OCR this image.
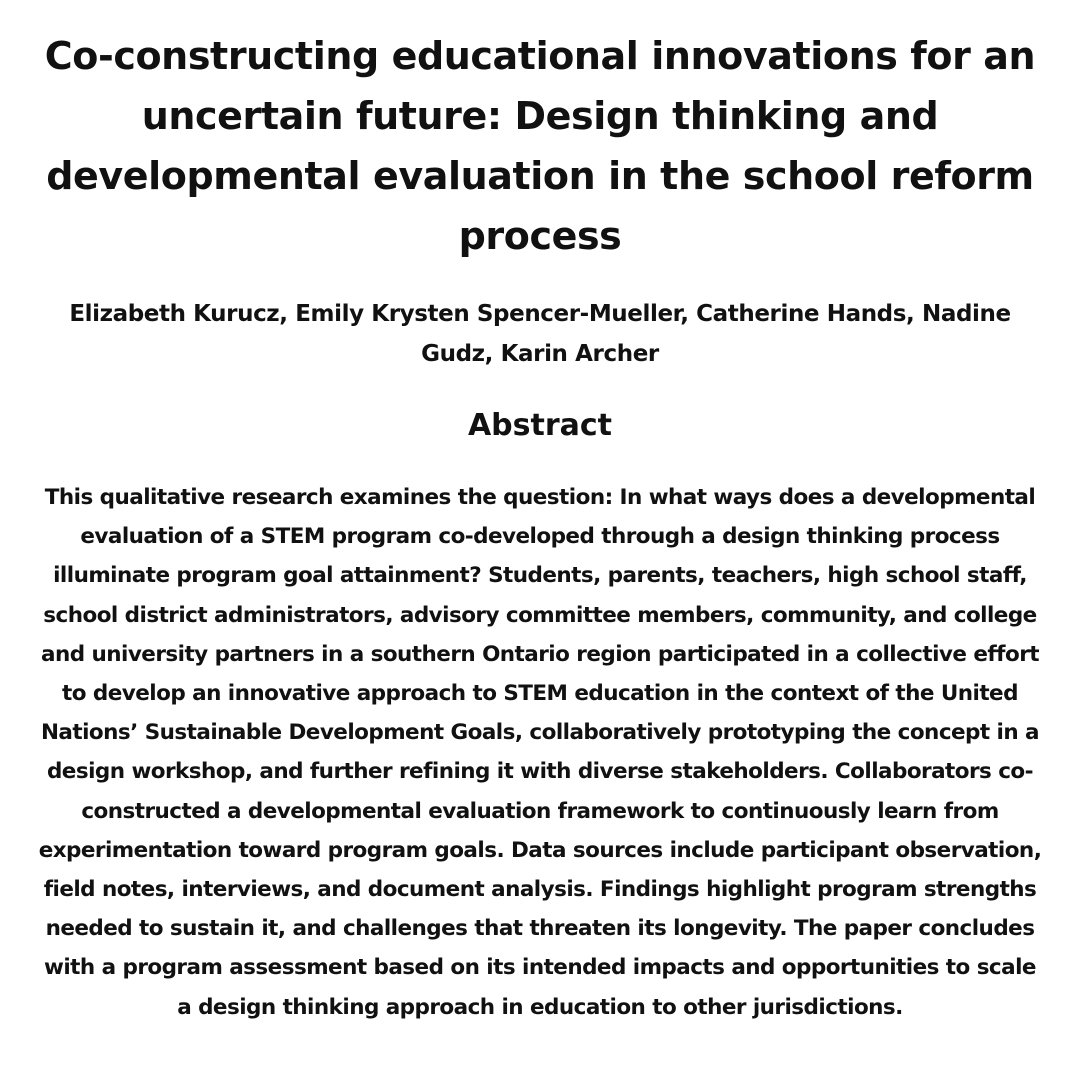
Co-constructing educational innovations for an uncertain future: Design thinking and developmental evaluation in the school reform process
Elizabeth Kurucz, Emily Krysten Spencer-Mueller, Catherine Hands, Nadine Gudz, Karin Archer
Abstract

This qualitative research examines the question: In what ways does a developmental evaluation of a STEM program co-developed through a design thinking process illuminate program goal attainment? Students, parents, teachers, high school staff, school district administrators, advisory committee members, community, and college and university partners in a southern Ontario region participated in a collective effort to develop an innovative approach to STEM education in the context of the United Nations’ Sustainable Development Goals, collaboratively prototyping the concept in a design workshop, and further refining it with diverse stakeholders. Collaborators co-constructed a developmental evaluation framework to continuously learn from experimentation toward program goals. Data sources include participant observation, field notes, interviews, and document analysis. Findings highlight program strengths needed to sustain it, and challenges that threaten its longevity. The paper concludes with a program assessment based on its intended impacts and opportunities to scale a design thinking approach in education to other jurisdictions.
